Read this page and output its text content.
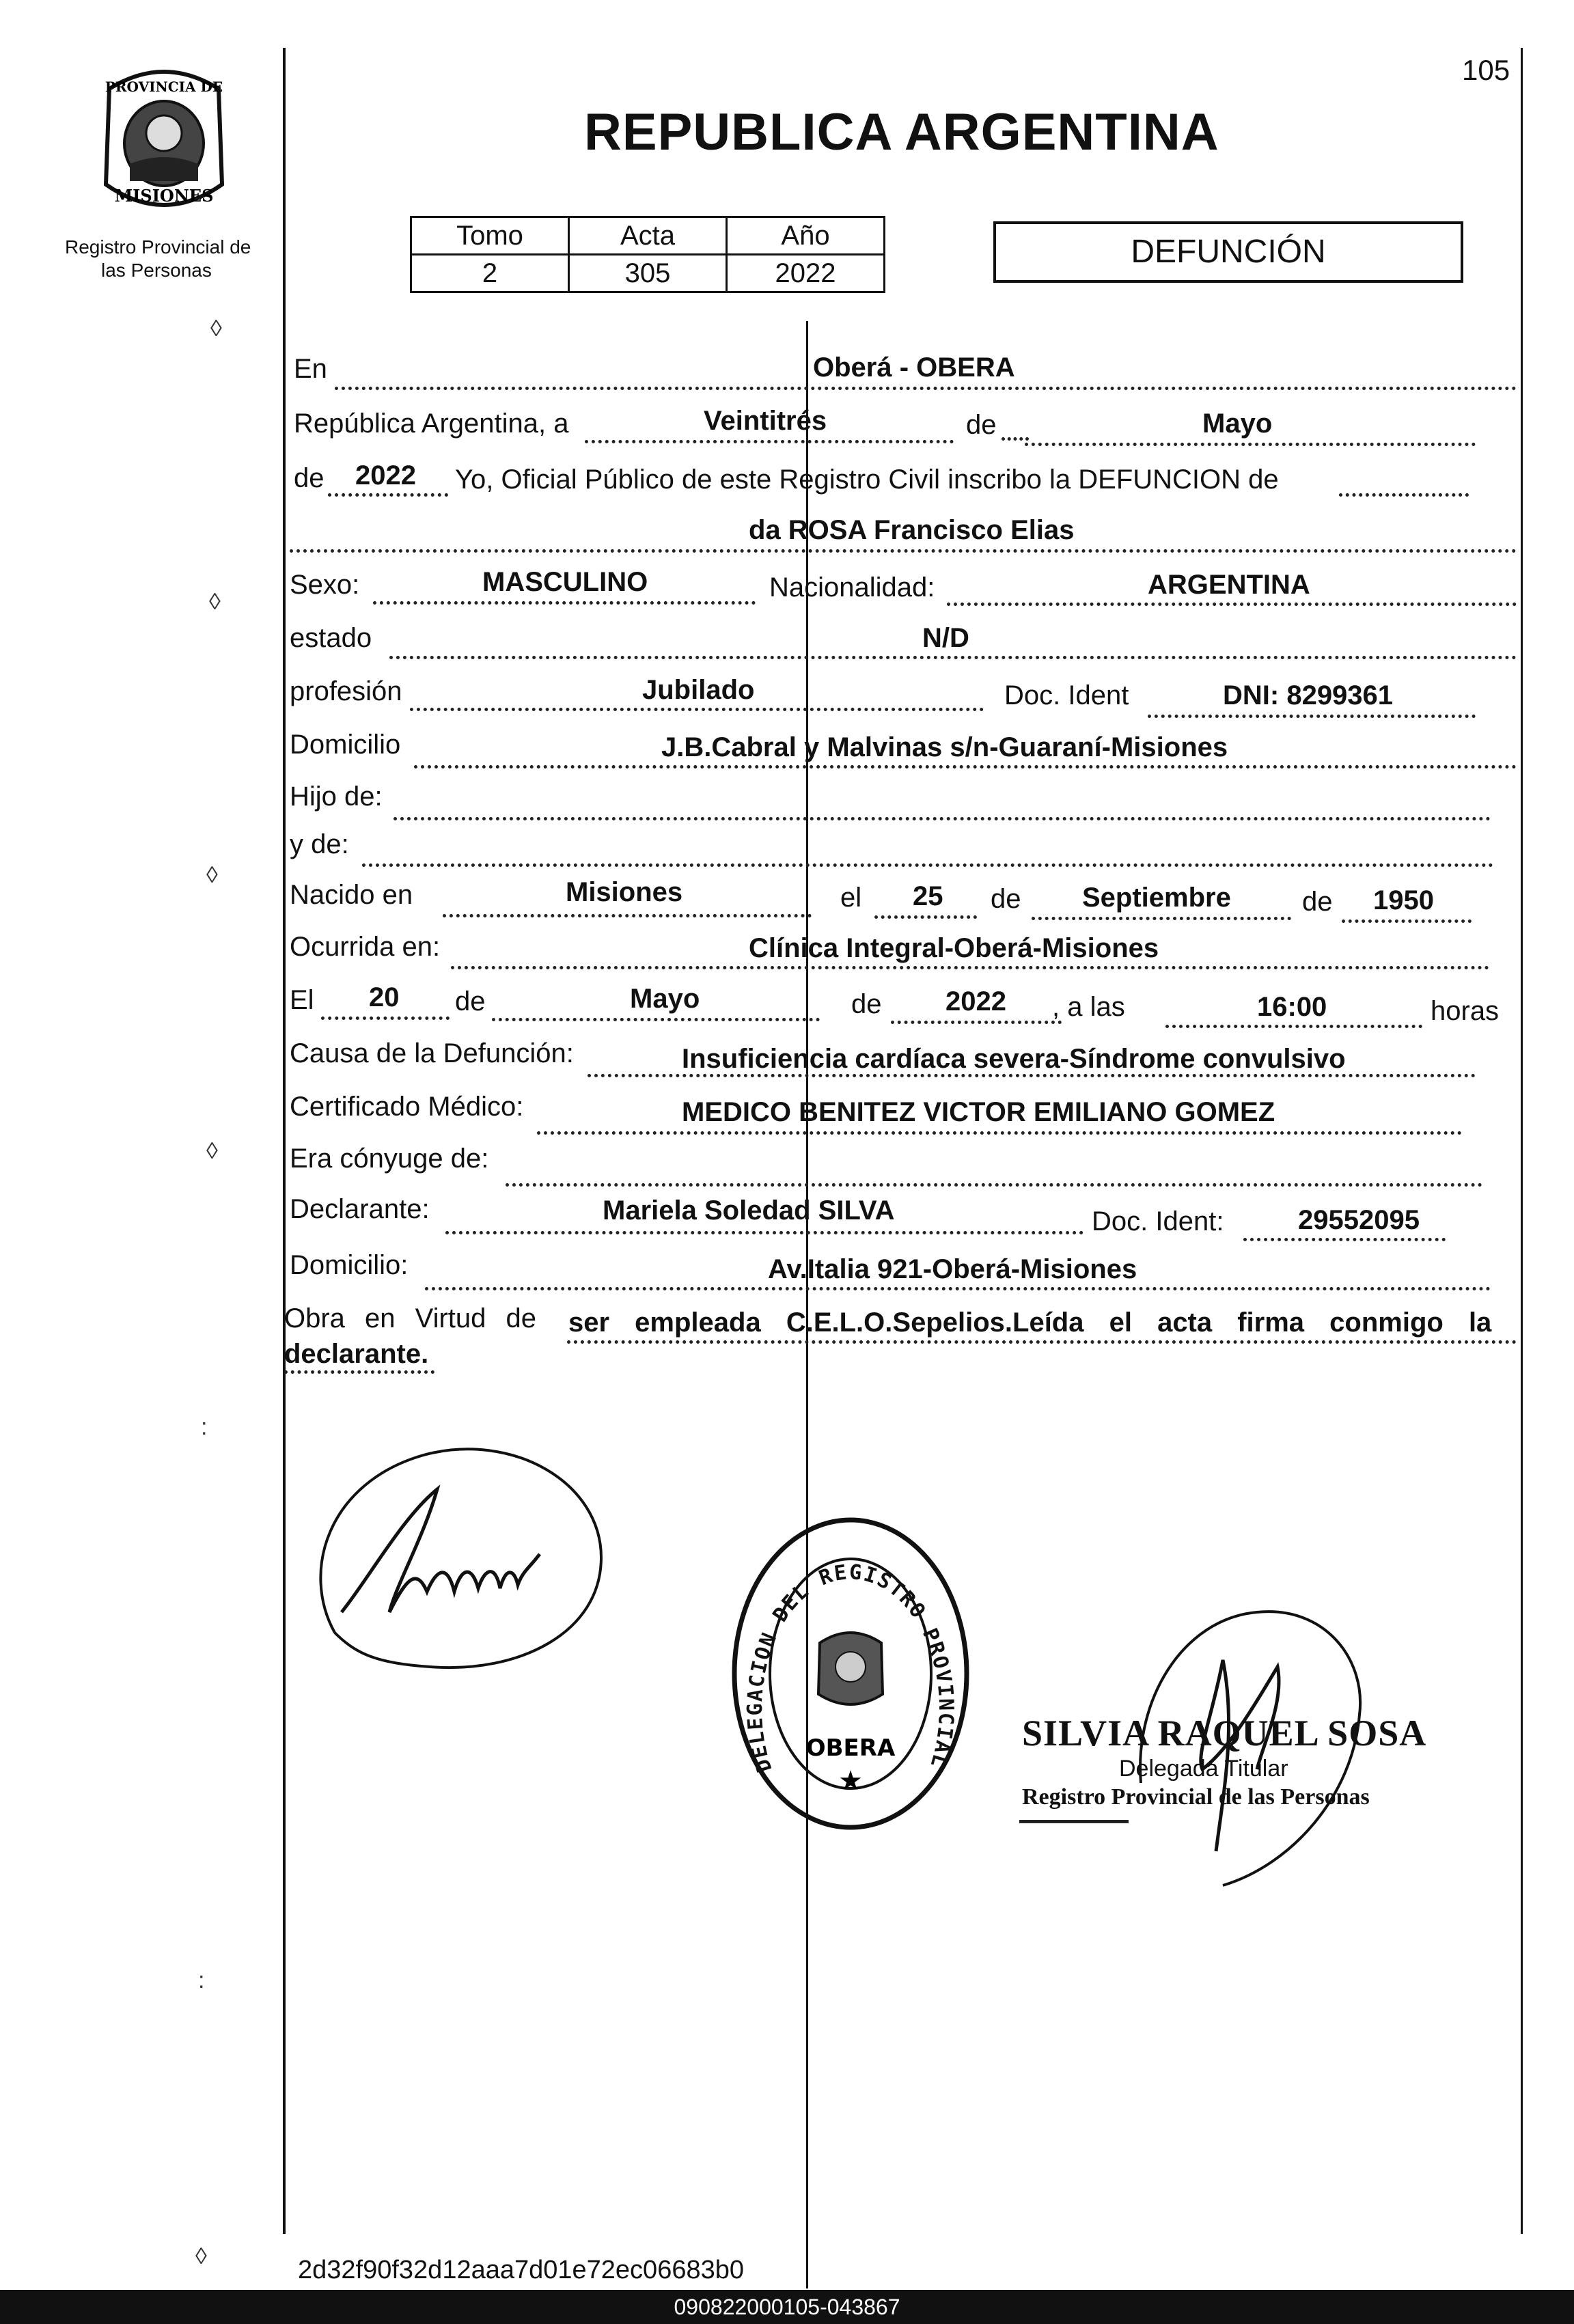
PROVINCIA DE
MISIONES
Registro Provincial de
las Personas
105
REPUBLICA ARGENTINA
Tomo	Acta	Año
2	305	2022
DEFUNCIÓN
En	Oberá - OBERA
República Argentina, a	Veintitrés	de	Mayo
de 2022 Yo, Oficial Público de este Registro Civil inscribo la DEFUNCION de
da ROSA Francisco Elias
Sexo:	MASCULINO	Nacionalidad:	ARGENTINA
estado	N/D
profesión	Jubilado	Doc. Ident	DNI: 8299361
Domicilio	J.B.Cabral y Malvinas s/n-Guaraní-Misiones
Hijo de:
y de:
Nacido en	Misiones	el 25 de Septiembre	de 1950
Ocurrida en:	Clínica Integral-Oberá-Misiones
El 20 de	Mayo	de 2022 , a las	16:00	horas
Causa de la Defunción:	Insuficiencia cardíaca severa-Síndrome convulsivo
Certificado Médico:	MEDICO BENITEZ VICTOR EMILIANO GOMEZ
Era cónyuge de:
Declarante:	Mariela Soledad SILVA	Doc. Ident:	29552095
Domicilio:	Av.Italia 921-Oberá-Misiones
Obra en Virtud de ser empleada C.E.L.O.Sepelios.Leída el acta firma conmigo la
declarante.
DELEGACION DEL REGISTRO PROVINCIAL
OBERA
★
SILVIA RAQUEL SOSA
Delegada Titular
Registro Provincial de las Personas
◊
◊
◊
◊
:
:
◊	2d32f90f32d12aaa7d01e72ec06683b0
090822000105-043867
